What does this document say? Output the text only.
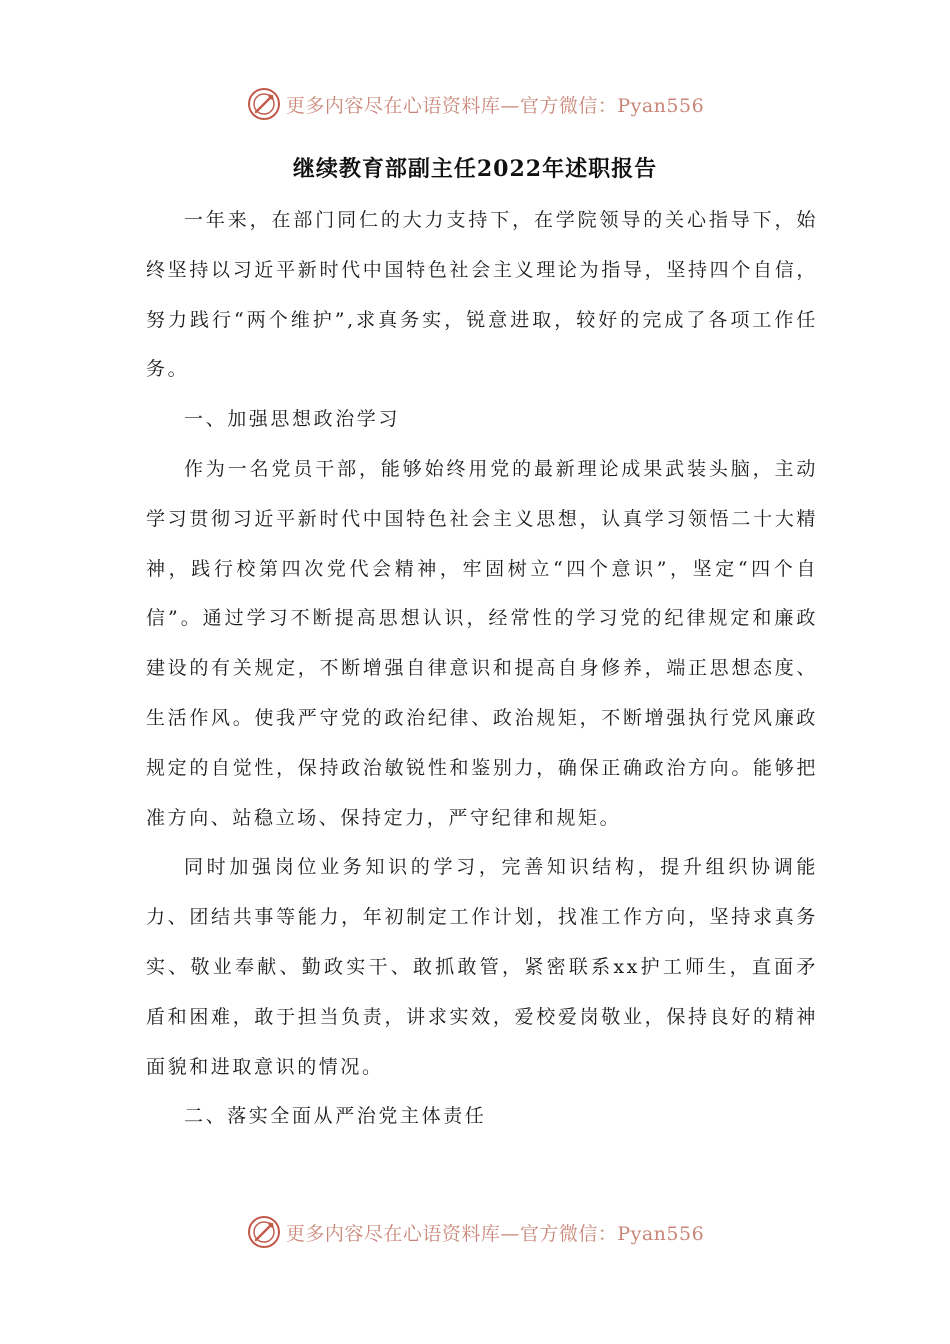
更多内容尽在心语资料库—官方微信：Pyan556
继续教育部副主任2022年述职报告

一年来，在部门同仁的大力支持下，在学院领导的关心指导下，始终坚持以习近平新时代中国特色社会主义理论为指导，坚持四个自信，努力践行“两个维护”,求真务实，锐意进取，较好的完成了各项工作任务。

一、加强思想政治学习

作为一名党员干部，能够始终用党的最新理论成果武装头脑，主动学习贯彻习近平新时代中国特色社会主义思想，认真学习领悟二十大精神，践行校第四次党代会精神，牢固树立“四个意识”，坚定“四个自信”。通过学习不断提高思想认识，经常性的学习党的纪律规定和廉政建设的有关规定，不断增强自律意识和提高自身修养，端正思想态度、生活作风。使我严守党的政治纪律、政治规矩，不断增强执行党风廉政规定的自觉性，保持政治敏锐性和鉴别力，确保正确政治方向。能够把准方向、站稳立场、保持定力，严守纪律和规矩。

同时加强岗位业务知识的学习，完善知识结构，提升组织协调能力、团结共事等能力，年初制定工作计划，找准工作方向，坚持求真务实、敬业奉献、勤政实干、敢抓敢管，紧密联系xx护工师生，直面矛盾和困难，敢于担当负责，讲求实效，爱校爱岗敬业，保持良好的精神面貌和进取意识的情况。

二、落实全面从严治党主体责任

更多内容尽在心语资料库—官方微信：Pyan556
